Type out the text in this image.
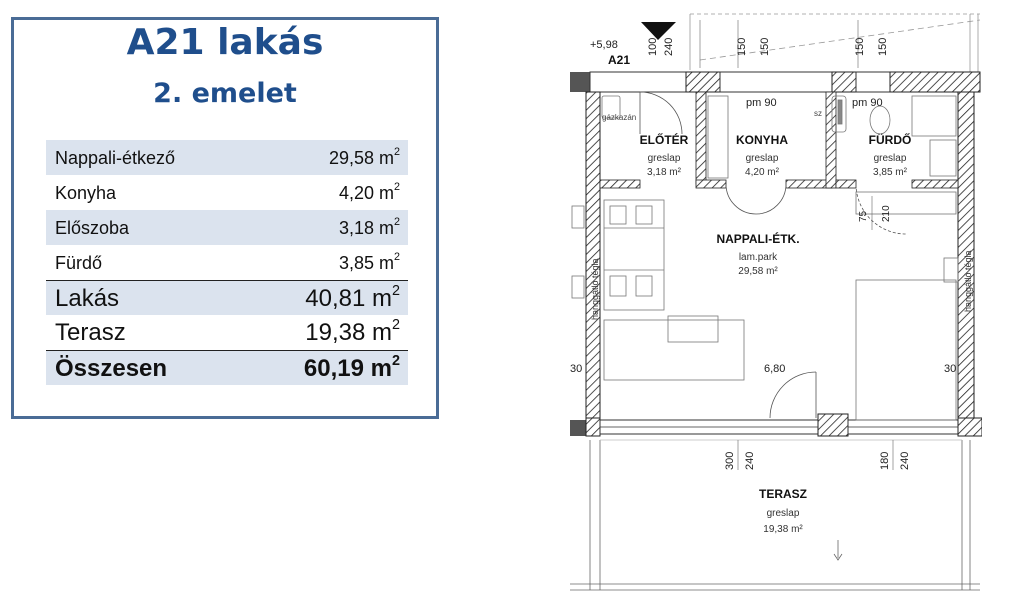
A21 lakás
2. emelet
Nappali-étkező	29,58 $m^2$
Konyha	4,20 $m^2$
Előszoba	3,18 $m^2$
Fürdő	3,85 $m^2$
Lakás	40,81 $m^2$
Terasz	19,38 $m^2$
Összesen	60,19 $m^2$
+5,98
A21
100 240	150 150	150 150
pm 90	pm 90
gázkazán	sz
ELŐTÉR
greslap
3,18 m²
KONYHA
greslap
4,20 m²
FÜRDŐ
greslap
3,85 m²
NAPPALI-ÉTK.
lam.park
29,58 m²
TERASZ
greslap
19,38 m²
hanggátló tégla	hanggátló tégla
75 210
6,80
30	30
300 240	180 240
